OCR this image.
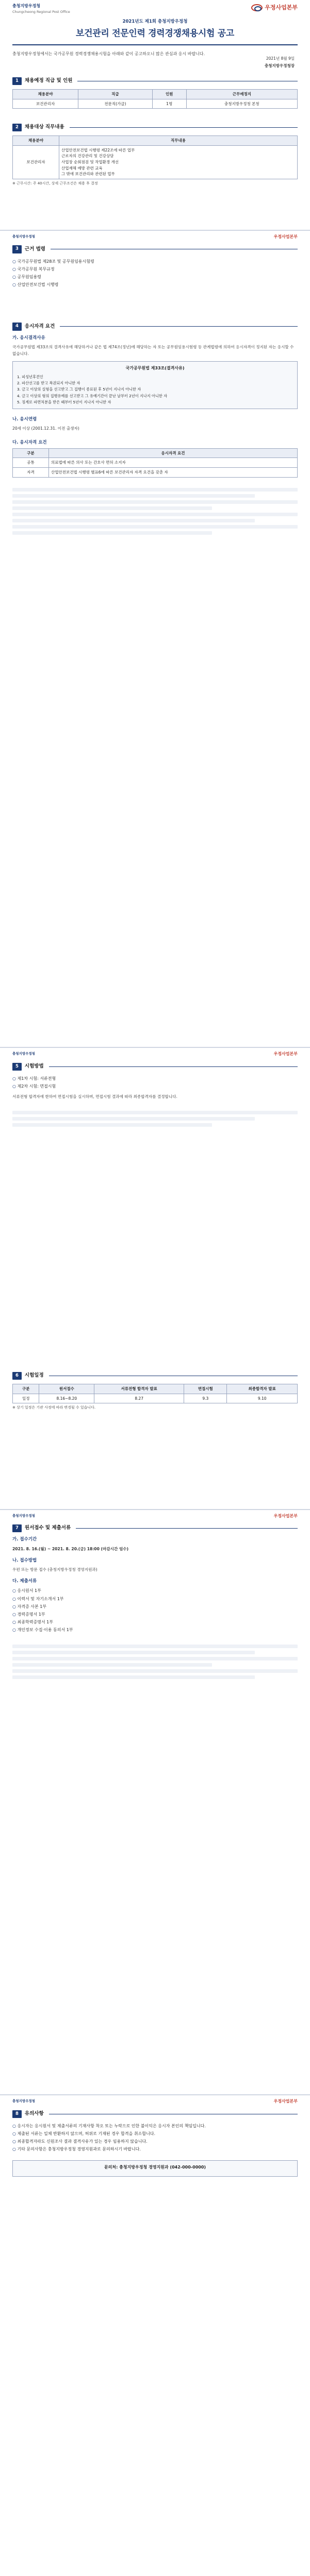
충청지방우정청
Chungcheong Regional Post Office
우정사업본부
2021년도 제1회 충청지방우정청
보건관리 전문인력 경력경쟁채용시험 공고
충청지방우정청에서는 국가공무원 경력경쟁채용시험을 아래와 같이 공고하오니 많은 관심과 응시 바랍니다.
2021년 8월 9일
충청지방우정청장
1	채용예정 직급 및 인원
채용분야	직급	인원	근무예정지
보건관리자	전문직(가급)	1명	충청지방우정청 본청
2	채용대상 직무내용
채용분야	직무내용
보건관리자	산업안전보건법 시행령 제22조에 따른 업무
근로자의 건강관리 및 건강상담
사업장 순회점검 및 작업환경 개선
산업재해 예방 관련 교육
그 밖에 보건관리와 관련된 업무
※ 근무시간: 주 40시간, 상세 근무조건은 채용 후 결정
충청지방우정청	우정사업본부
3	근거 법령
○ 국가공무원법 제28조 및 공무원임용시험령
○ 국가공무원 복무규정
○ 공무원임용령
○ 산업안전보건법 시행령
4	응시자격 요건
가. 응시결격사유
국가공무원법 제33조의 결격사유에 해당하거나 같은 법 제74조(정년)에 해당하는 자 또는 공무원임용시험령 등 관계법령에 의하여 응시자격이 정지된 자는 응시할 수 없습니다.
국가공무원법 제33조(결격사유)
1. 피성년후견인
2. 파산선고를 받고 복권되지 아니한 자
3. 금고 이상의 실형을 선고받고 그 집행이 종료된 후 5년이 지나지 아니한 자
4. 금고 이상의 형의 집행유예를 선고받고 그 유예기간이 끝난 날부터 2년이 지나지 아니한 자
5. 징계로 파면처분을 받은 때부터 5년이 지나지 아니한 자
나. 응시연령
20세 이상 (2001.12.31. 이전 출생자)
다. 응시자격 요건
구분	응시자격 요건
공통	의료법에 따른 의사 또는 간호사 면허 소지자
자격	산업안전보건법 시행령 별표6에 따른 보건관리자 자격 요건을 갖춘 자
충청지방우정청	우정사업본부
5	시험방법
○ 제1차 시험: 서류전형
○ 제2차 시험: 면접시험
서류전형 합격자에 한하여 면접시험을 실시하며, 면접시험 결과에 따라 최종합격자를 결정합니다.
6	시험일정
구분	원서접수	서류전형 합격자 발표	면접시험	최종합격자 발표
일정	8.16~8.20	8.27	9.3	9.10
※ 상기 일정은 기관 사정에 따라 변경될 수 있습니다.
충청지방우정청	우정사업본부
7	원서접수 및 제출서류
가. 접수기간
2021. 8. 16.(월) ~ 2021. 8. 20.(금) 18:00 (마감시간 엄수)
나. 접수방법
우편 또는 방문 접수 (충청지방우정청 경영지원과)
다. 제출서류
○ 응시원서 1부
○ 이력서 및 자기소개서 1부
○ 자격증 사본 1부
○ 경력증명서 1부
○ 최종학력증명서 1부
○ 개인정보 수집·이용 동의서 1부
충청지방우정청	우정사업본부
8	유의사항
○ 응시자는 응시원서 및 제출서류의 기재사항 착오 또는 누락으로 인한 불이익은 응시자 본인의 책임입니다.
○ 제출된 서류는 일체 반환하지 않으며, 허위로 기재된 경우 합격을 취소합니다.
○ 최종합격자라도 신원조사 결과 결격사유가 있는 경우 임용하지 않습니다.
○ 기타 문의사항은 충청지방우정청 경영지원과로 문의하시기 바랍니다.
문의처: 충청지방우정청 경영지원과 (042-000-0000)
